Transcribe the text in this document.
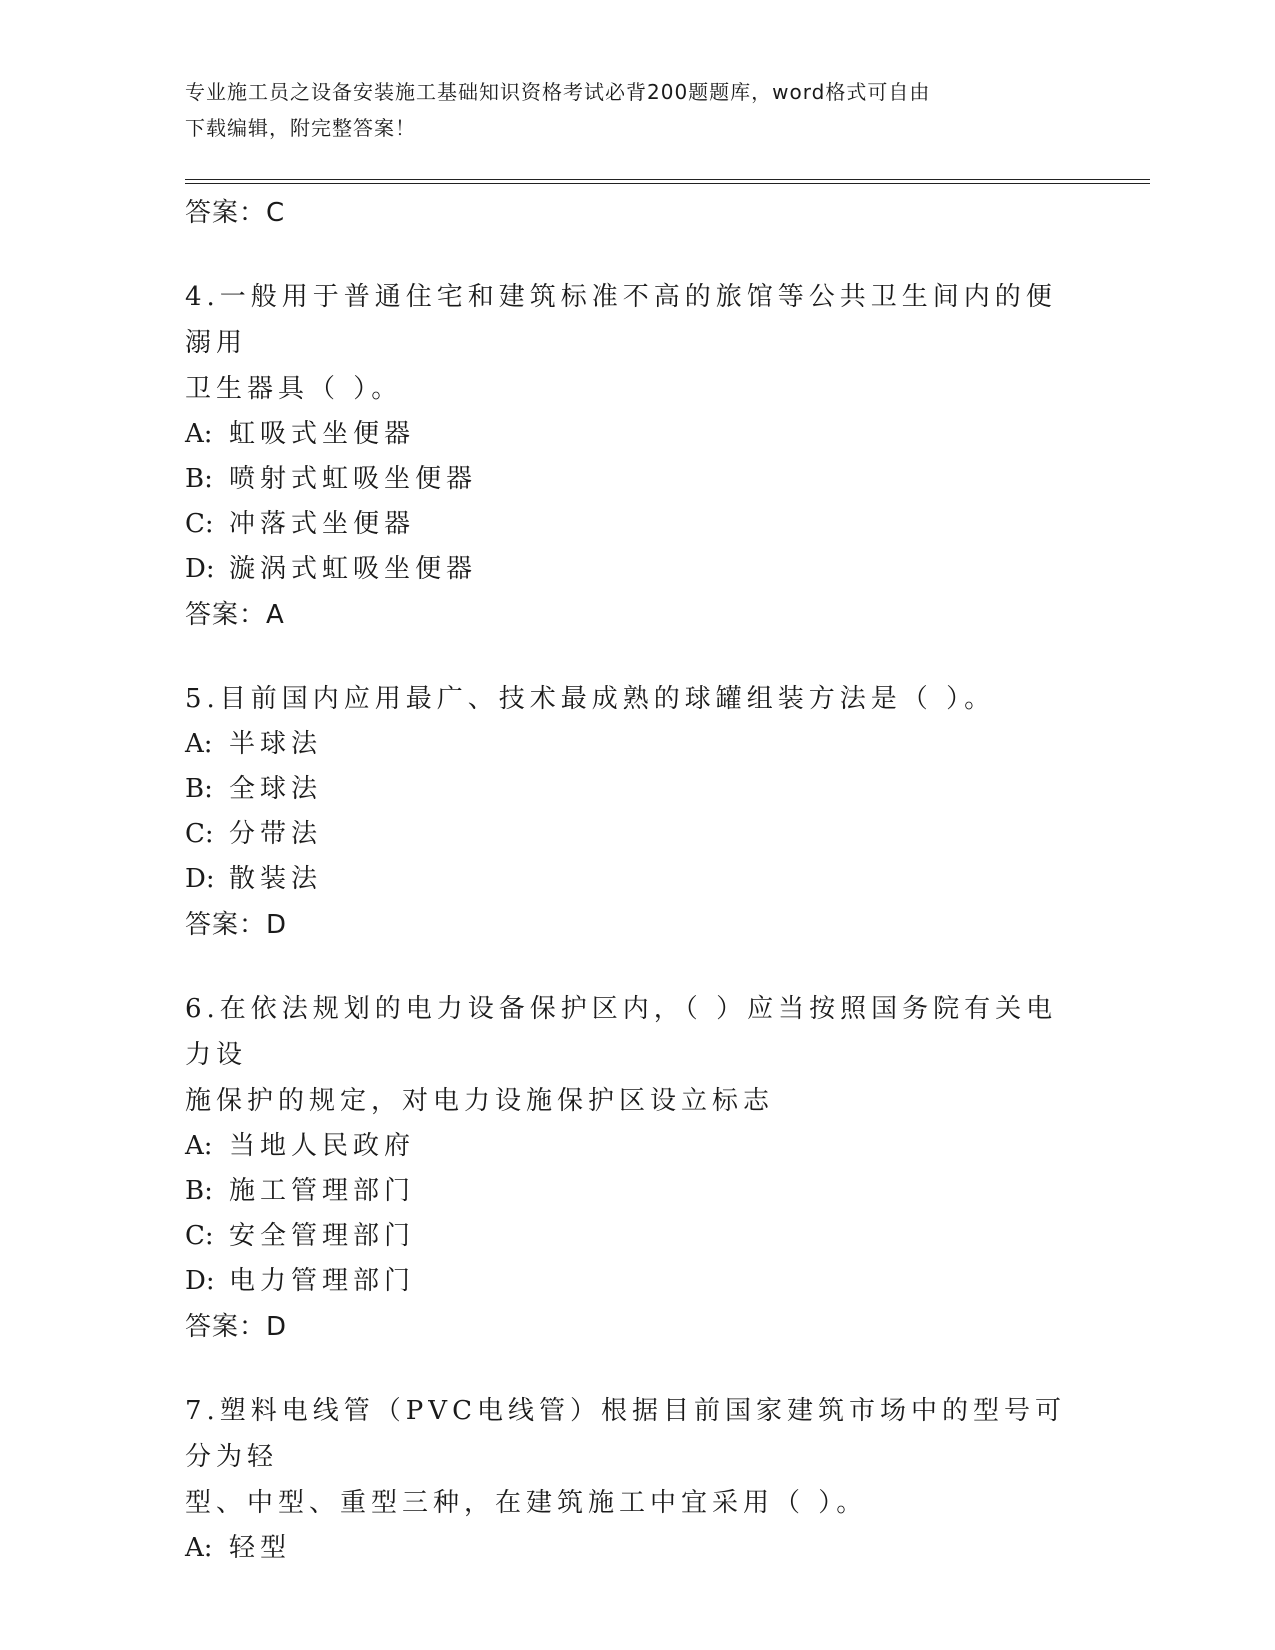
专业施工员之设备安装施工基础知识资格考试必背200题题库，word格式可自由
下载编辑，附完整答案！
答案：C
4.一般用于普通住宅和建筑标准不高的旅馆等公共卫生间内的便溺用
卫生器具（ ）。
A: 虹吸式坐便器
B: 喷射式虹吸坐便器
C: 冲落式坐便器
D: 漩涡式虹吸坐便器
答案：A
5.目前国内应用最广、技术最成熟的球罐组装方法是（ ）。
A: 半球法
B: 全球法
C: 分带法
D: 散装法
答案：D
6.在依法规划的电力设备保护区内，（ ）应当按照国务院有关电力设
施保护的规定，对电力设施保护区设立标志
A: 当地人民政府
B: 施工管理部门
C: 安全管理部门
D: 电力管理部门
答案：D
7.塑料电线管（PVC电线管）根据目前国家建筑市场中的型号可分为轻
型、中型、重型三种，在建筑施工中宜采用（ ）。
A: 轻型
